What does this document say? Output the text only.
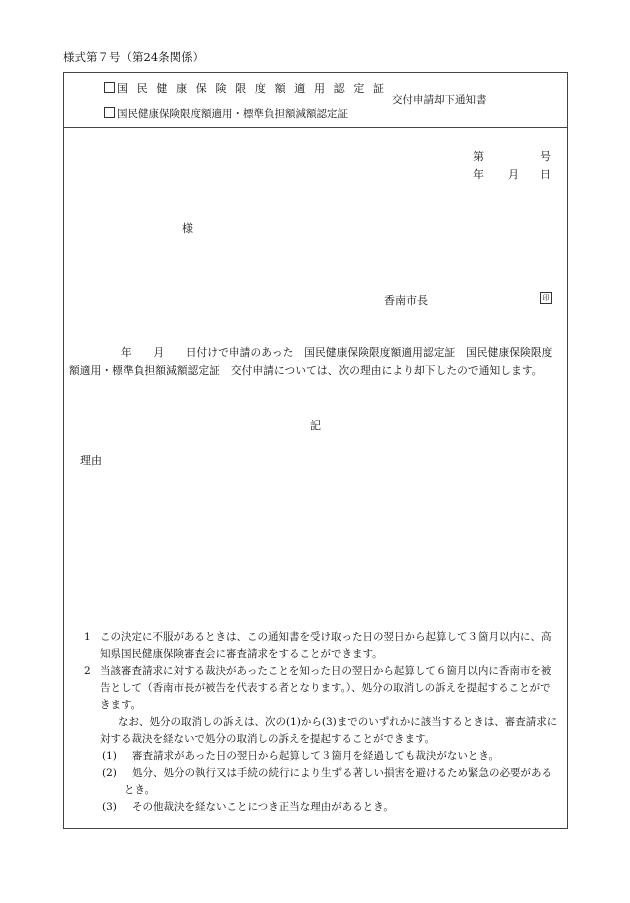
様式第７号（第24条関係）
国 民 健 康 保 険 限 度 額 適 用 認 定 証
国民健康保険限度額適用・標準負担額減額認定証
交付申請却下通知書
第	号
年 月 日
様
香南市長	印
年　　月　　日付けで申請のあった　国民健康保険限度額適用認定証　国民健康保険限度額適用・標準負担額減額認定証　交付申請については、次の理由により却下したので通知します。
記
理由
1 この決定に不服があるときは、この通知書を受け取った日の翌日から起算して３箇月以内に、高知県国民健康保険審査会に審査請求をすることができます。
2 当該審査請求に対する裁決があったことを知った日の翌日から起算して６箇月以内に香南市を被告として（香南市長が被告を代表する者となります。）、処分の取消しの訴えを提起することができます。
なお、処分の取消しの訴えは、次の(1)から(3)までのいずれかに該当するときは、審査請求に対する裁決を経ないで処分の取消しの訴えを提起することができます。
(1) 審査請求があった日の翌日から起算して３箇月を経過しても裁決がないとき。
(2) 処分、処分の執行又は手続の続行により生ずる著しい損害を避けるため緊急の必要があるとき。
(3) その他裁決を経ないことにつき正当な理由があるとき。
